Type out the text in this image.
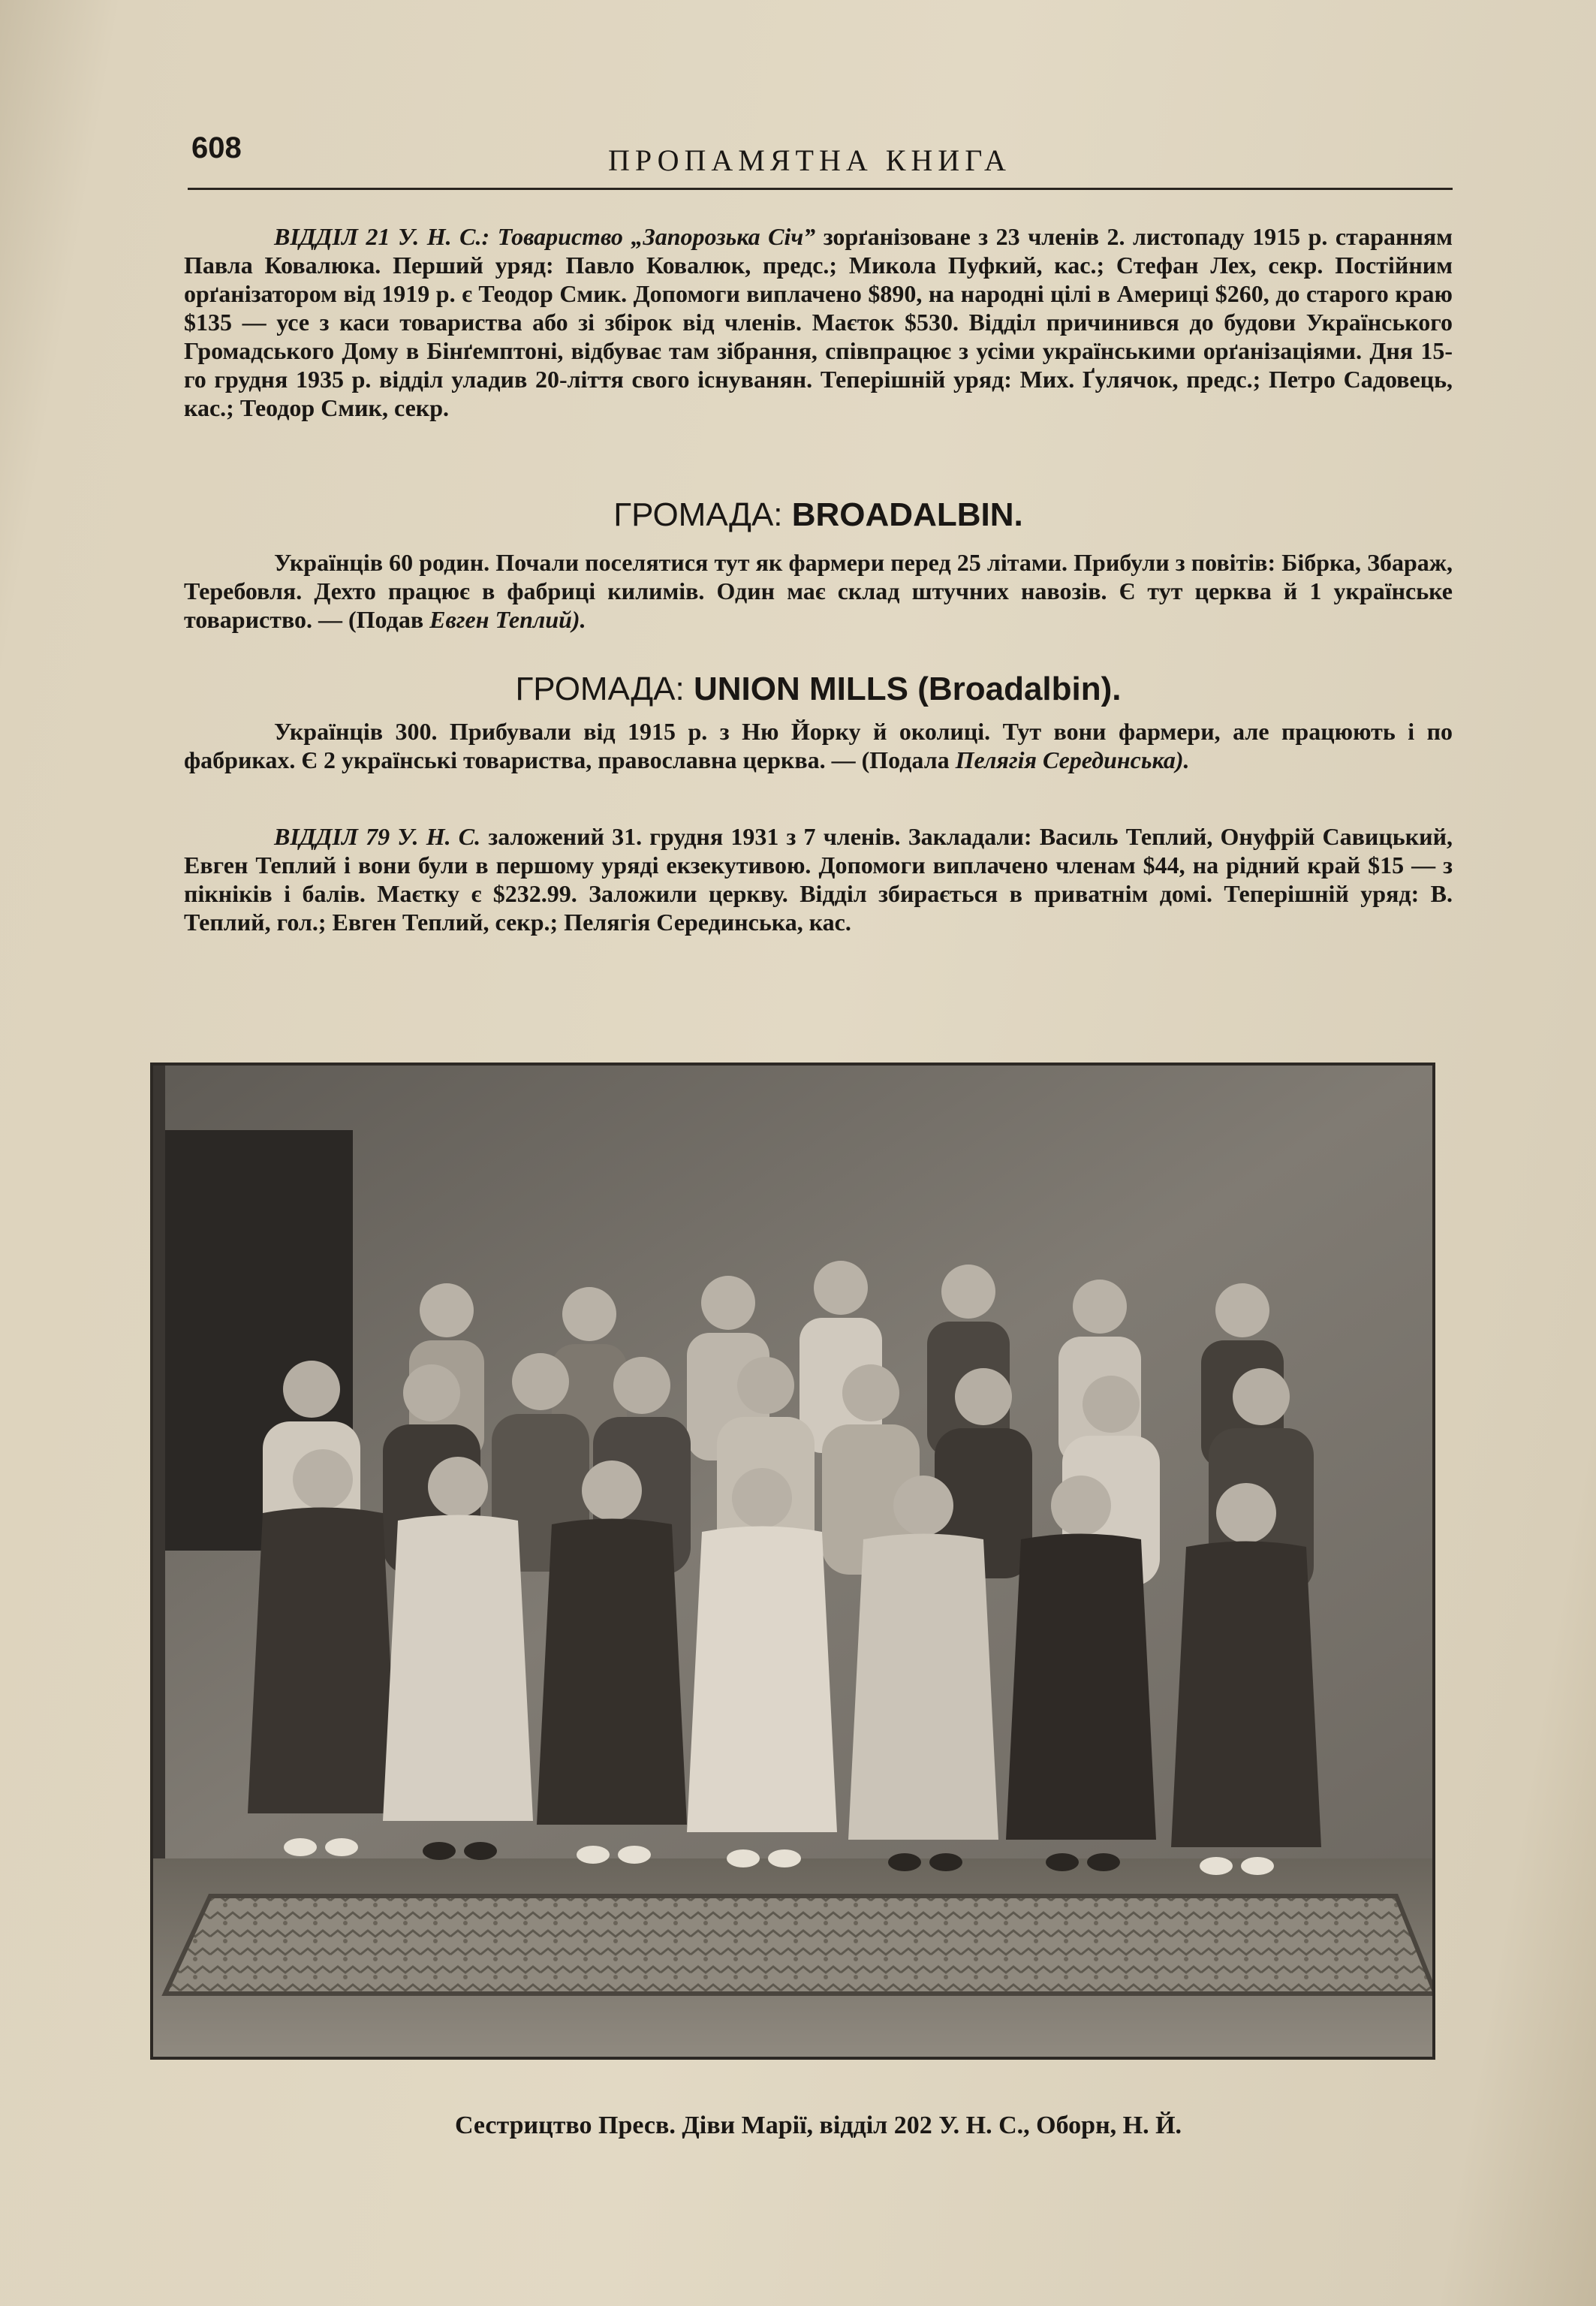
608	ПРОПАМЯТНА КНИГА

ВІДДІЛ 21 У. Н. С.: Товариство „Запорозька Січ” зорґанізоване з 23 членів 2. листопаду 1915 р. старанням Павла Ковалюка. Перший уряд: Павло Ковалюк, предс.; Микола Пуфкий, кас.; Стефан Лех, секр. Постійним орґанізатором від 1919 р. є Теодор Смик. Допомоги виплачено $890, на народні цілі в Америці $260, до старого краю $135 — усе з каси товариства або зі збірок від членів. Маєток $530. Відділ причинився до будови Українського Громадського Дому в Бінґемптоні, відбуває там зібрання, співпрацює з усіми українськими орґанізаціями. Дня 15-го грудня 1935 р. відділ уладив 20-ліття свого існуванян. Теперішній уряд: Мих. Ґулячок, предс.; Петро Садовець, кас.; Теодор Смик, секр.

ГРОМАДА: BROADALBIN.

Українців 60 родин. Почали поселятися тут як фармери перед 25 літами. Прибули з повітів: Бібрка, Збараж, Теребовля. Дехто працює в фабриці килимів. Один має склад штучних навозів. Є тут церква й 1 українське товариство. — (Подав Евген Теплий).

ГРОМАДА: UNION MILLS (Broadalbin).

Українців 300. Прибували від 1915 р. з Ню Йорку й околиці. Тут вони фармери, але працюють і по фабриках. Є 2 українські товариства, православна церква. — (Подала Пелягія Серединська).

ВІДДІЛ 79 У. Н. С. заложений 31. грудня 1931 з 7 членів. Закладали: Василь Теплий, Онуфрій Савицький, Евген Теплий і вони були в першому уряді екзекутивою. Допомоги виплачено членам $44, на рідний край $15 — з пікніків і балів. Маєтку є $232.99. Заложили церкву. Відділ збирається в приватнім домі. Теперішній уряд: В. Теплий, гол.; Евген Теплий, секр.; Пелягія Серединська, кас.

Сестрицтво Пресв. Діви Марії, відділ 202 У. Н. С., Оборн, Н. Й.
